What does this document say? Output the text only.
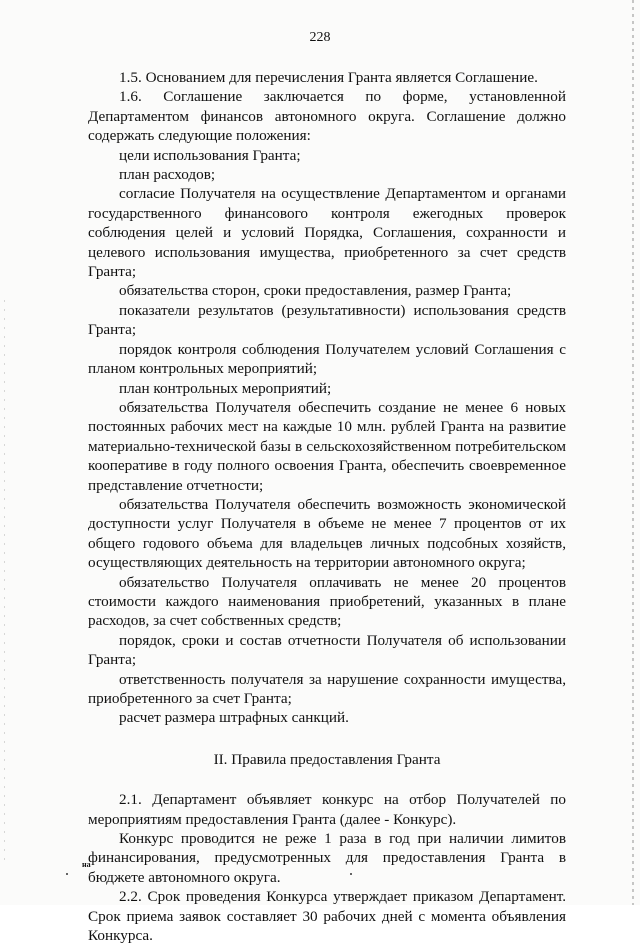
228

1.5. Основанием для перечисления Гранта является Соглашение.

1.6. Соглашение заключается по форме, установленной Департаментом финансов автономного округа. Соглашение должно содержать следующие положения:

цели использования Гранта;

план расходов;

согласие Получателя на осуществление Департаментом и органами государственного финансового контроля ежегодных проверок соблюдения целей и условий Порядка, Соглашения, сохранности и целевого использования имущества, приобретенного за счет средств Гранта;

обязательства сторон, сроки предоставления, размер Гранта;

показатели результатов (результативности) использования средств Гранта;

порядок контроля соблюдения Получателем условий Соглашения с планом контрольных мероприятий;

план контрольных мероприятий;

обязательства Получателя обеспечить создание не менее 6 новых постоянных рабочих мест на каждые 10 млн. рублей Гранта на развитие материально-технической базы в сельскохозяйственном потребительском кооперативе в году полного освоения Гранта, обеспечить своевременное представление отчетности;

обязательства Получателя обеспечить возможность экономической доступности услуг Получателя в объеме не менее 7 процентов от их общего годового объема для владельцев личных подсобных хозяйств, осуществляющих деятельность на территории автономного округа;

обязательство Получателя оплачивать не менее 20 процентов стоимости каждого наименования приобретений, указанных в плане расходов, за счет собственных средств;

порядок, сроки и состав отчетности Получателя об использовании Гранта;

ответственность получателя за нарушение сохранности имущества, приобретенного за счет Гранта;

расчет размера штрафных санкций.

II. Правила предоставления Гранта

2.1. Департамент объявляет конкурс на отбор Получателей по мероприятиям предоставления Гранта (далее - Конкурс).

Конкурс проводится не реже 1 раза в год при наличии лимитов финансирования, предусмотренных для предоставления Гранта в бюджете автономного округа.

2.2. Срок проведения Конкурса утверждает приказом Департамент. Срок приема заявок составляет 30 рабочих дней с момента объявления Конкурса.

на
